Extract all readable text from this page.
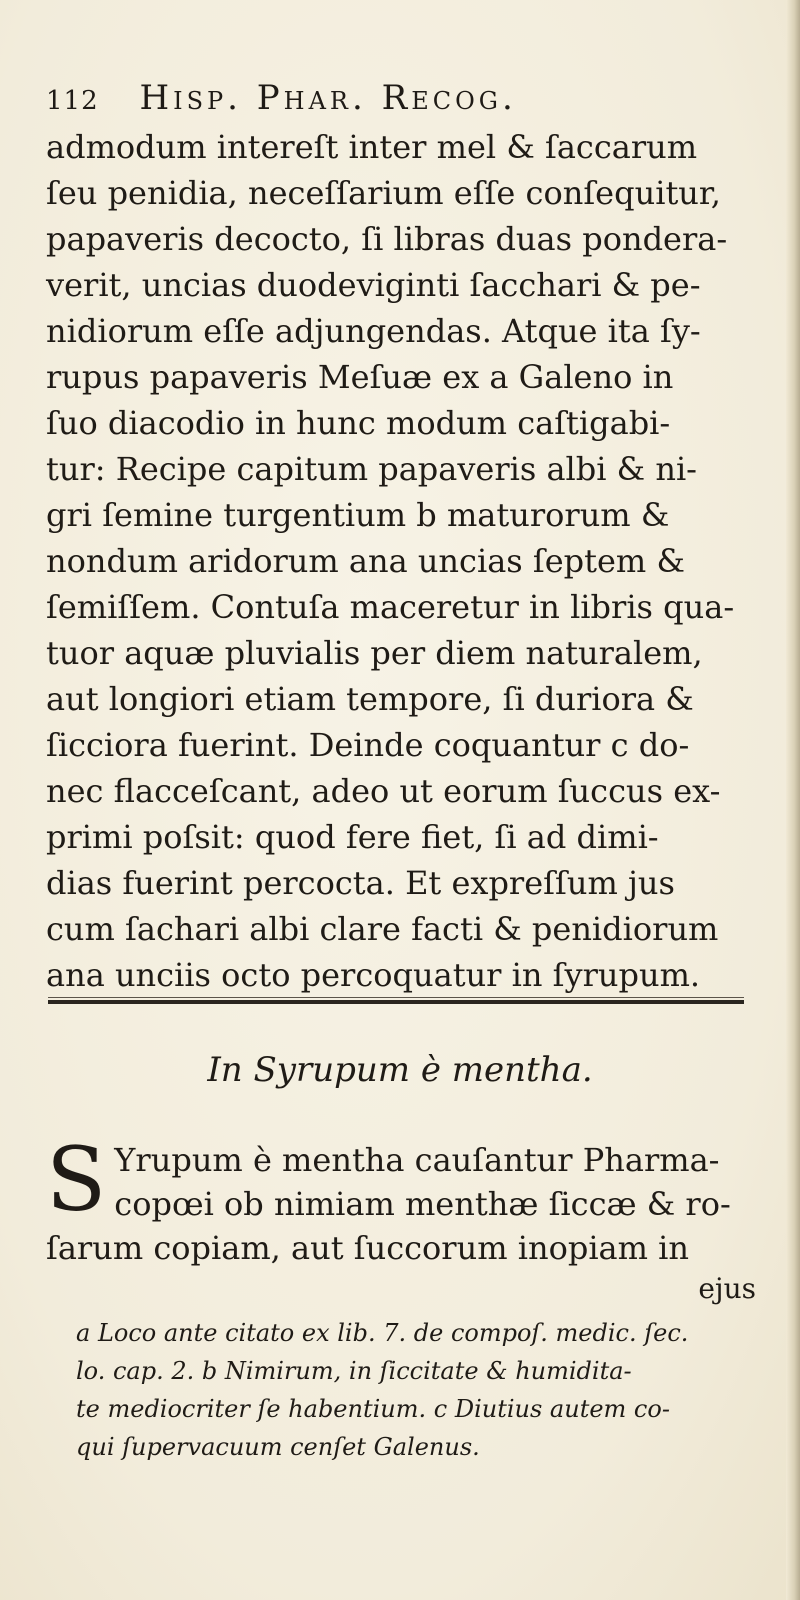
112 Hisp. Phar. Recog.
admodum intereſt inter mel & ſaccarum
ſeu penidia, neceſſarium eſſe conſequitur,
papaveris decocto, ſi libras duas pondera-
verit, uncias duodeviginti ſacchari & pe-
nidiorum eſſe adjungendas. Atque ita ſy-
rupus papaveris Meſuæ ex a Galeno in
ſuo diacodio in hunc modum caſtigabi-
tur: Recipe capitum papaveris albi & ni-
gri ſemine turgentium b maturorum &
nondum aridorum ana uncias ſeptem &
ſemiſſem. Contuſa maceretur in libris qua-
tuor aquæ pluvialis per diem naturalem,
aut longiori etiam tempore, ſi duriora &
ſicciora fuerint. Deinde coquantur c do-
nec flacceſcant, adeo ut eorum ſuccus ex-
primi poſsit: quod fere fiet, ſi ad dimi-
dias fuerint percocta. Et expreſſum jus
cum ſachari albi clare facti & penidiorum
ana unciis octo percoquatur in ſyrupum.
In Syrupum è mentha.
S Yrupum è mentha cauſantur Pharma-
copœi ob nimiam menthæ ſiccæ & ro-
ſarum copiam, aut ſuccorum inopiam in
ejus
a Loco ante citato ex lib. 7. de compoſ. medic. ſec.
lo. cap. 2. b Nimirum, in ſiccitate & humidita-
te mediocriter ſe habentium. c Diutius autem co-
qui ſupervacuum cenſet Galenus.
